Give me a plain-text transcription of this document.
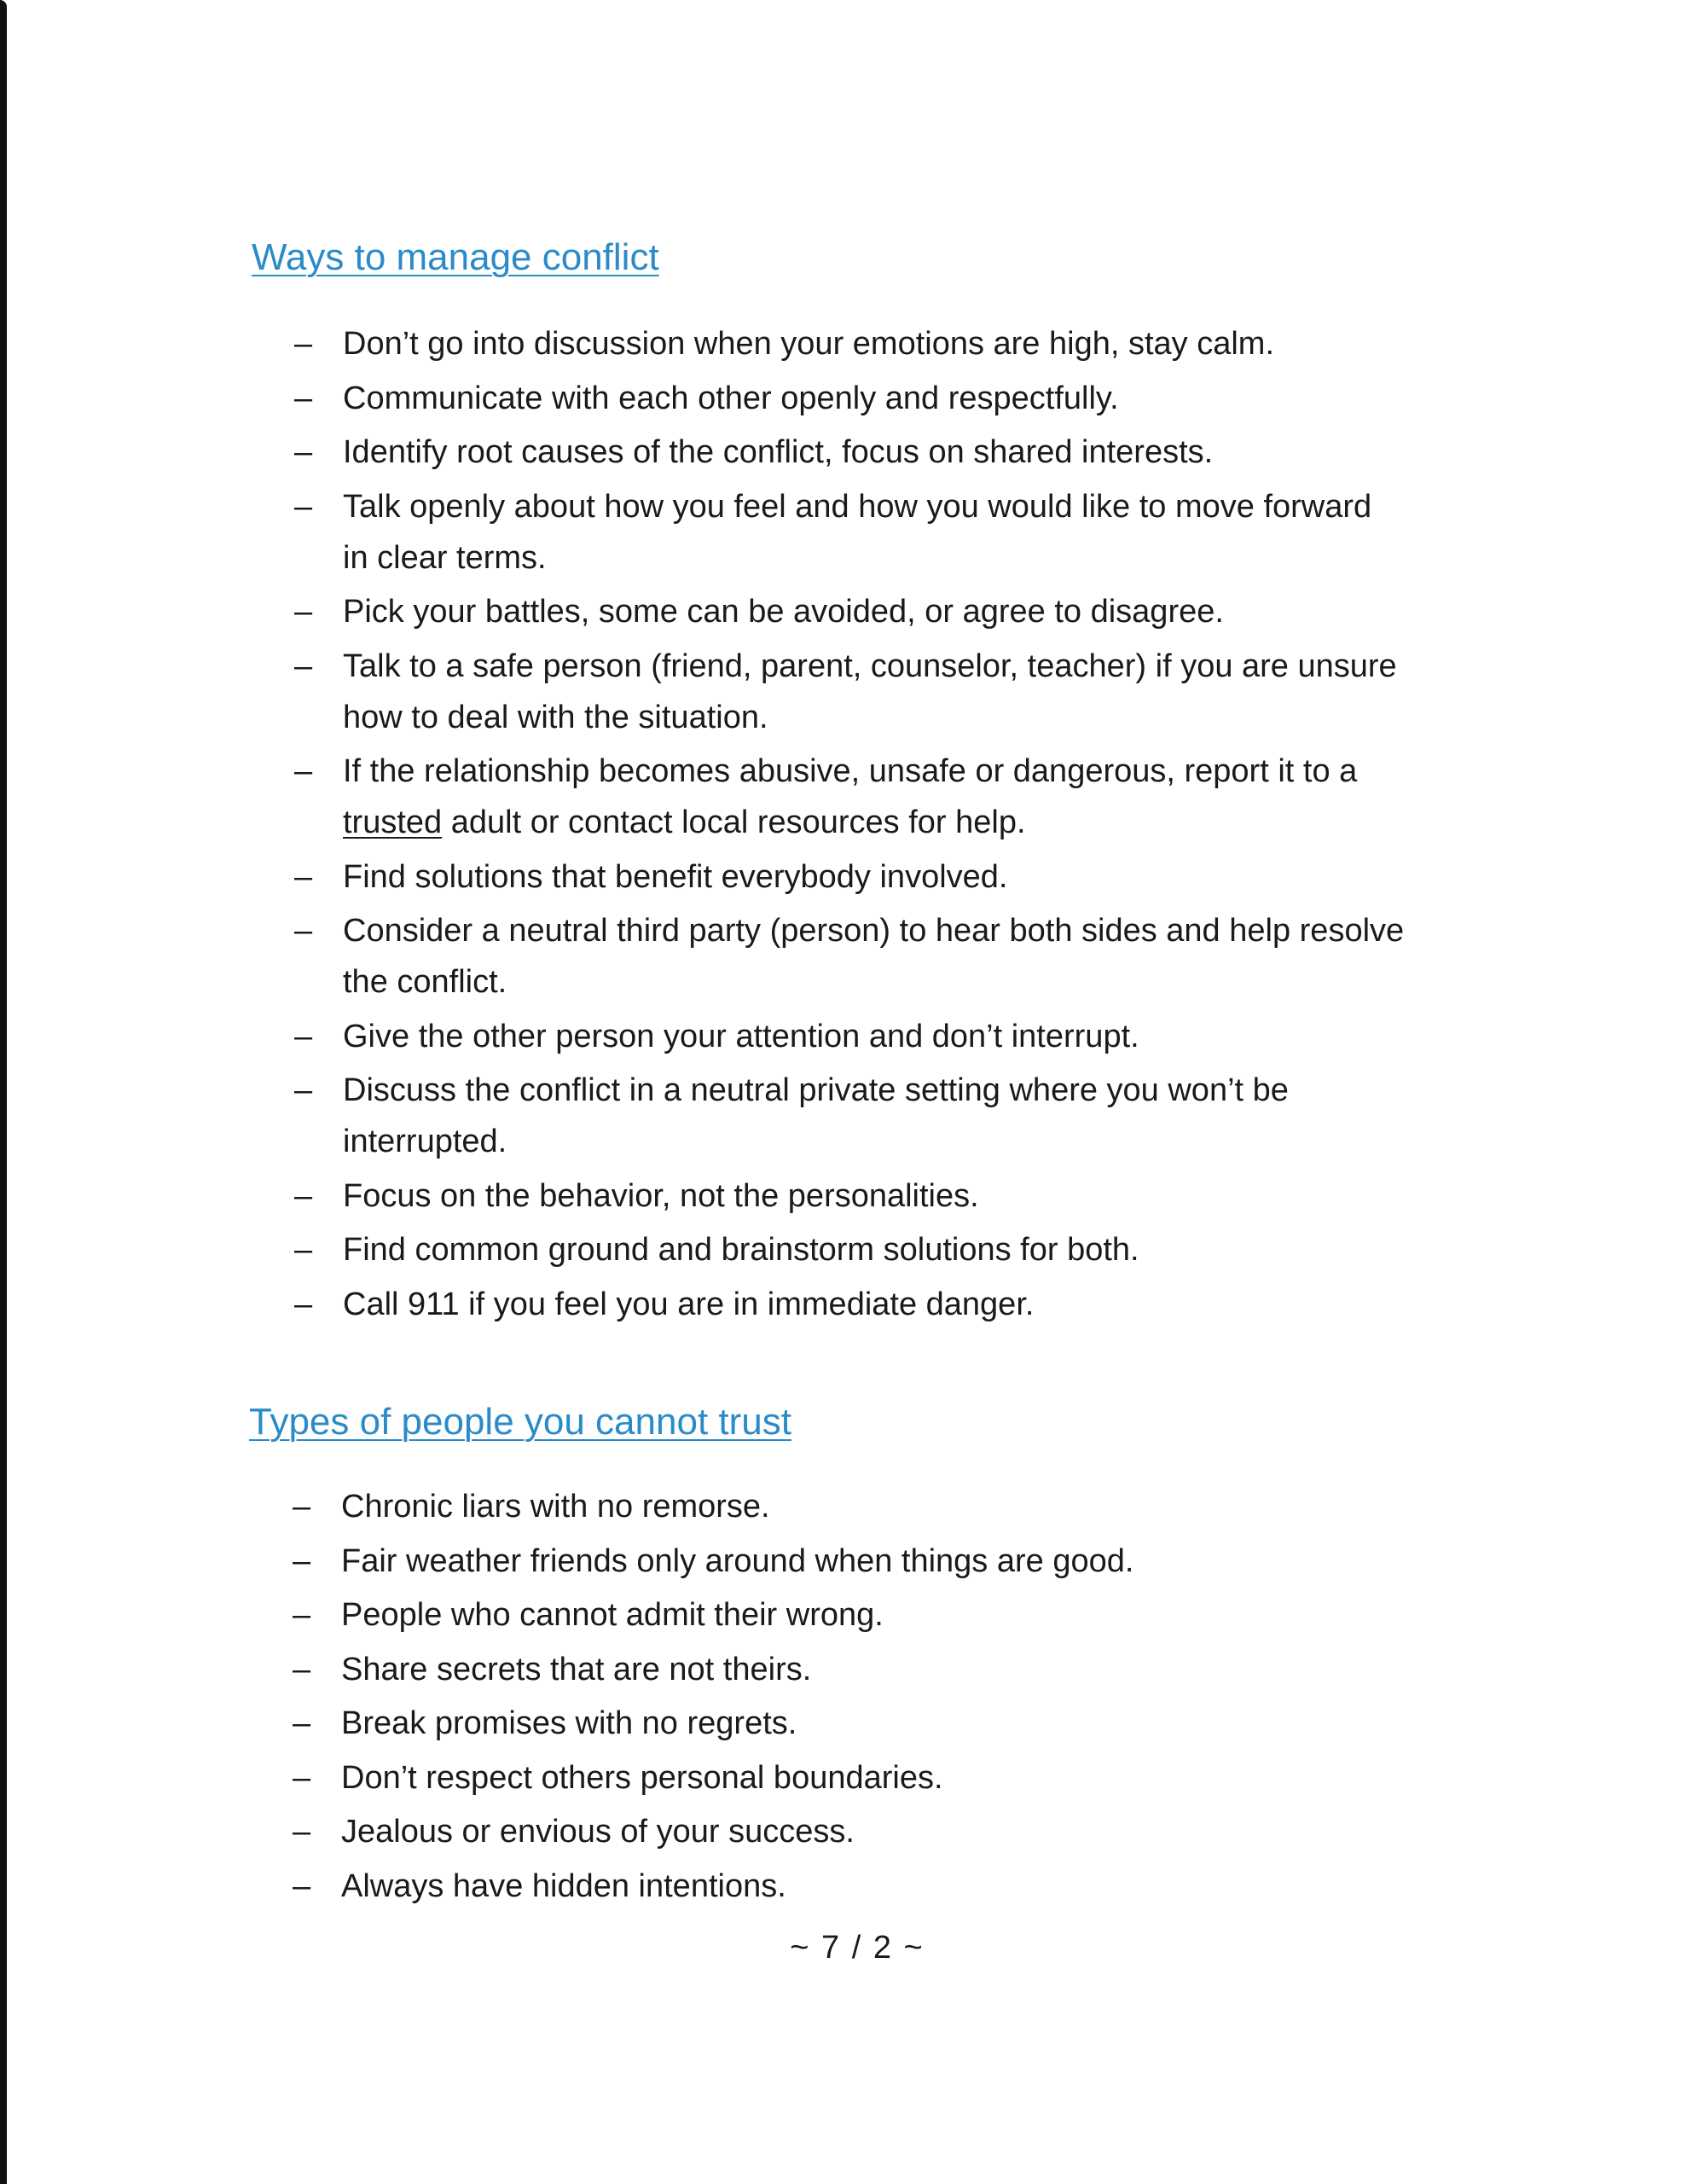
Ways to manage conflict
– Don’t go into discussion when your emotions are high, stay calm.
– Communicate with each other openly and respectfully.
– Identify root causes of the conflict, focus on shared interests.
– Talk openly about how you feel and how you would like to move forward in clear terms.
– Pick your battles, some can be avoided, or agree to disagree.
– Talk to a safe person (friend, parent, counselor, teacher) if you are unsure how to deal with the situation.
– If the relationship becomes abusive, unsafe or dangerous, report it to a trusted adult or contact local resources for help.
– Find solutions that benefit everybody involved.
– Consider a neutral third party (person) to hear both sides and help resolve the conflict.
– Give the other person your attention and don’t interrupt.
– Discuss the conflict in a neutral private setting where you won’t be interrupted.
– Focus on the behavior, not the personalities.
– Find common ground and brainstorm solutions for both.
– Call 911 if you feel you are in immediate danger.
Types of people you cannot trust
– Chronic liars with no remorse.
– Fair weather friends only around when things are good.
– People who cannot admit their wrong.
– Share secrets that are not theirs.
– Break promises with no regrets.
– Don’t respect others personal boundaries.
– Jealous or envious of your success.
– Always have hidden intentions.
~ 7 / 2 ~
